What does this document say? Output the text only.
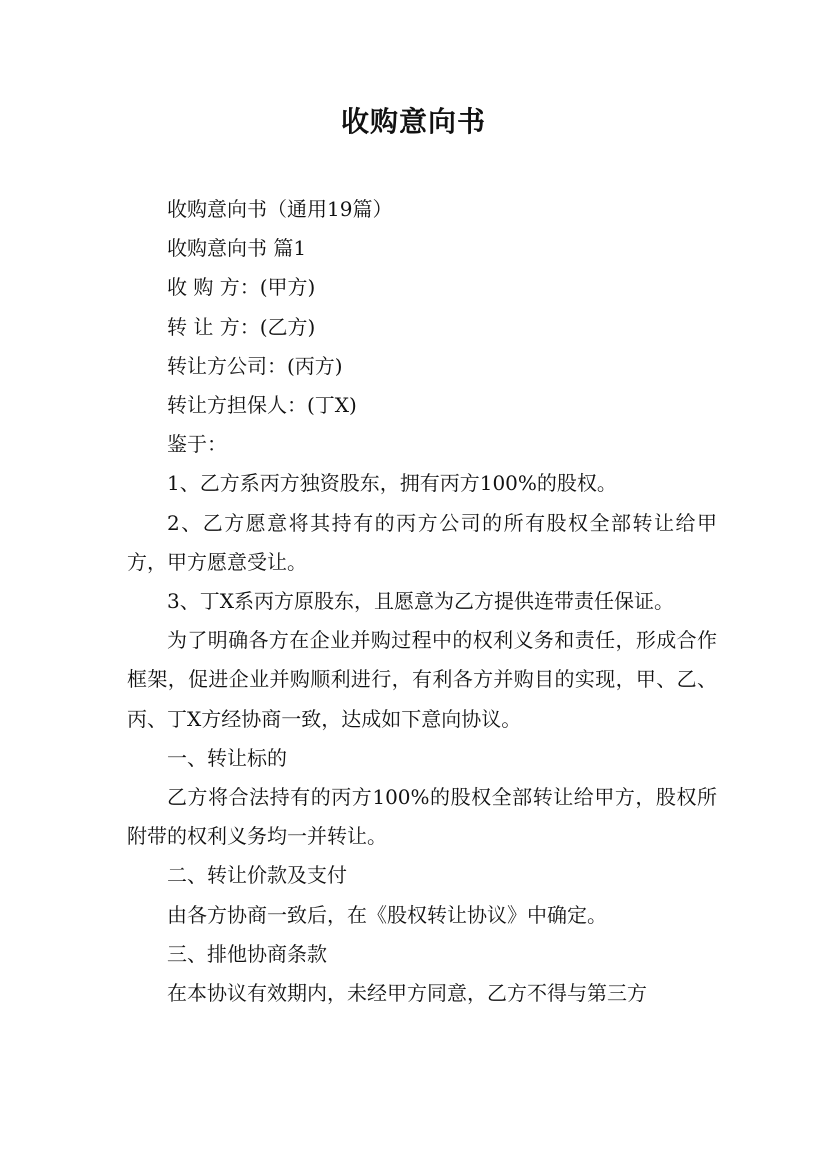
收购意向书

收购意向书（通用19篇）

收购意向书 篇1

收 购 方：(甲方)

转 让 方：(乙方)

转让方公司：(丙方)

转让方担保人：(丁X)

鉴于：

1、乙方系丙方独资股东，拥有丙方100%的股权。

2、乙方愿意将其持有的丙方公司的所有股权全部转让给甲方，甲方愿意受让。

3、丁X系丙方原股东，且愿意为乙方提供连带责任保证。

为了明确各方在企业并购过程中的权利义务和责任，形成合作框架，促进企业并购顺利进行，有利各方并购目的实现，甲、乙、丙、丁X方经协商一致，达成如下意向协议。

一、转让标的

乙方将合法持有的丙方100%的股权全部转让给甲方，股权所附带的权利义务均一并转让。

二、转让价款及支付

由各方协商一致后，在《股权转让协议》中确定。

三、排他协商条款

在本协议有效期内，未经甲方同意，乙方不得与第三方
